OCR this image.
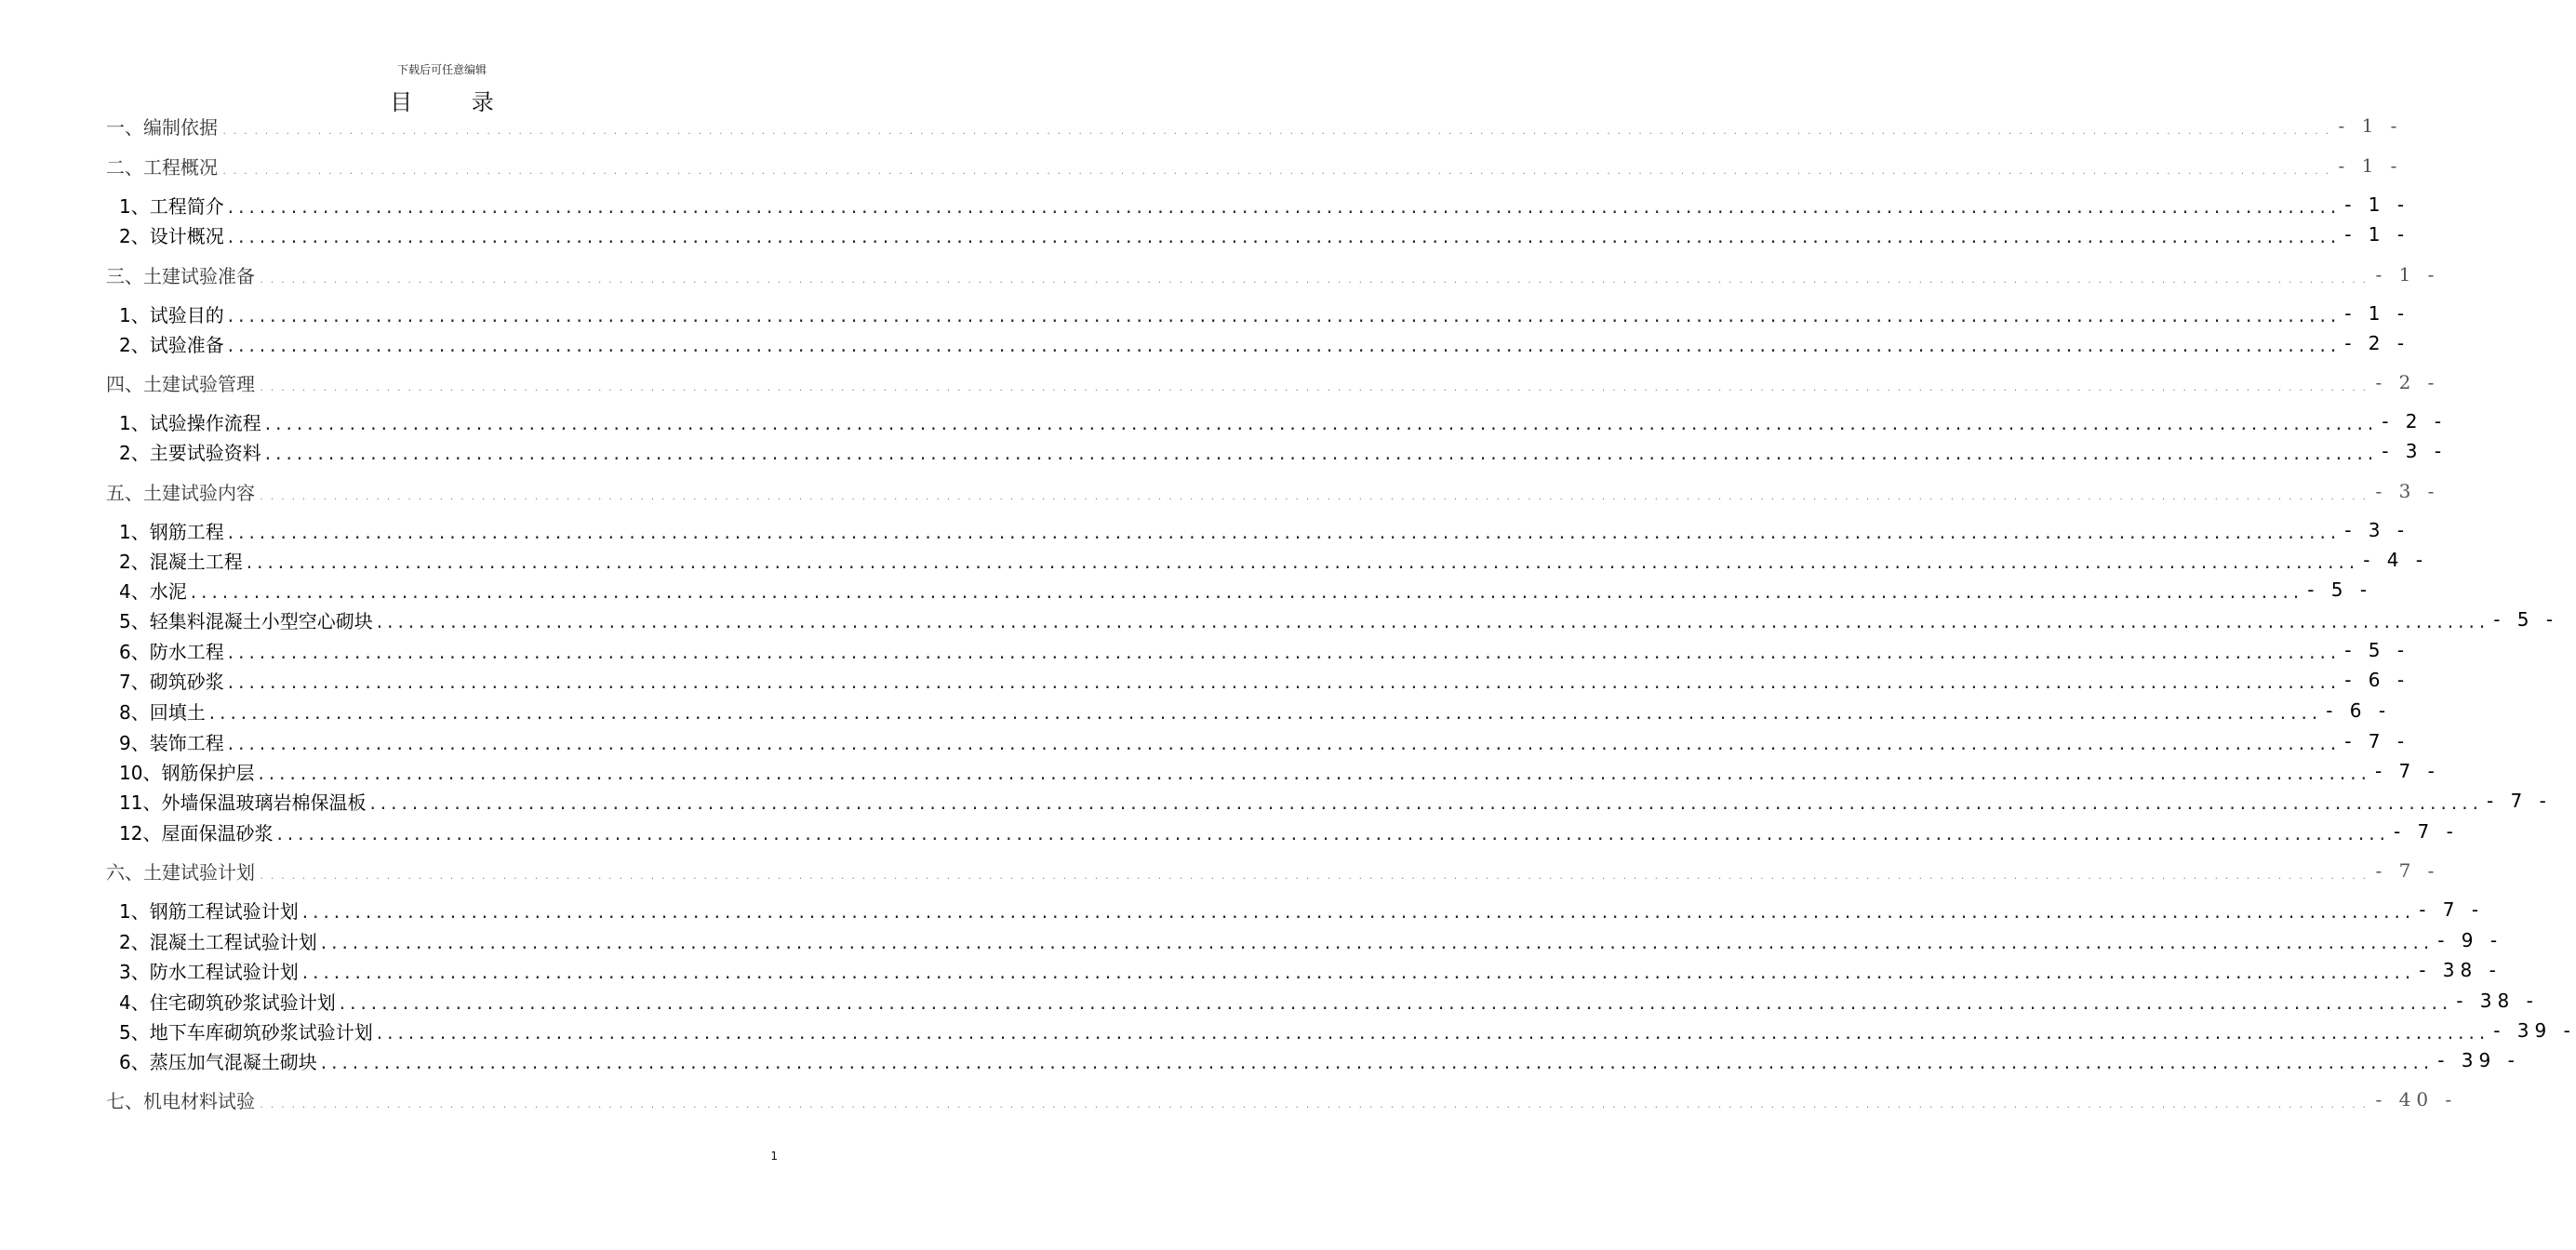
下载后可任意编辑
目 录
一、 编制依据 ........................................................................................................................................................................................................ - 1 -
二、 工程概况 ........................................................................................................................................................................................................ - 1 -
1、 工程简介 ........................................................................................................................................................................................................ - 1 -
2、 设计概况 ........................................................................................................................................................................................................ - 1 -
三、 土建试验准备 ........................................................................................................................................................................................................ - 1 -
1、 试验目的 ........................................................................................................................................................................................................ - 1 -
2、 试验准备 ........................................................................................................................................................................................................ - 2 -
四、 土建试验管理 ........................................................................................................................................................................................................ - 2 -
1、 试验操作流程 ........................................................................................................................................................................................................ - 2 -
2、 主要试验资料 ........................................................................................................................................................................................................ - 3 -
五、 土建试验内容 ........................................................................................................................................................................................................ - 3 -
1、 钢筋工程 ........................................................................................................................................................................................................ - 3 -
2、 混凝土工程 ........................................................................................................................................................................................................ - 4 -
4、 水泥 ........................................................................................................................................................................................................ - 5 -
5、 轻集料混凝土小型空心砌块 ........................................................................................................................................................................................................ - 5 -
6、 防水工程 ........................................................................................................................................................................................................ - 5 -
7、 砌筑砂浆 ........................................................................................................................................................................................................ - 6 -
8、 回填土 ........................................................................................................................................................................................................ - 6 -
9、 装饰工程 ........................................................................................................................................................................................................ - 7 -
10、 钢筋保护层 ........................................................................................................................................................................................................ - 7 -
11、 外墙保温玻璃岩棉保温板 ........................................................................................................................................................................................................ - 7 -
12、 屋面保温砂浆 ........................................................................................................................................................................................................ - 7 -
六、 土建试验计划 ........................................................................................................................................................................................................ - 7 -
1、 钢筋工程试验计划 ........................................................................................................................................................................................................ - 7 -
2、 混凝土工程试验计划 ........................................................................................................................................................................................................ - 9 -
3、 防水工程试验计划 ........................................................................................................................................................................................................ - 38 -
4、 住宅砌筑砂浆试验计划 ........................................................................................................................................................................................................ - 38 -
5、 地下车库砌筑砂浆试验计划 ........................................................................................................................................................................................................ - 39 -
6、 蒸压加气混凝土砌块 ........................................................................................................................................................................................................ - 39 -
七、 机电材料试验 ........................................................................................................................................................................................................ - 40 -
1
